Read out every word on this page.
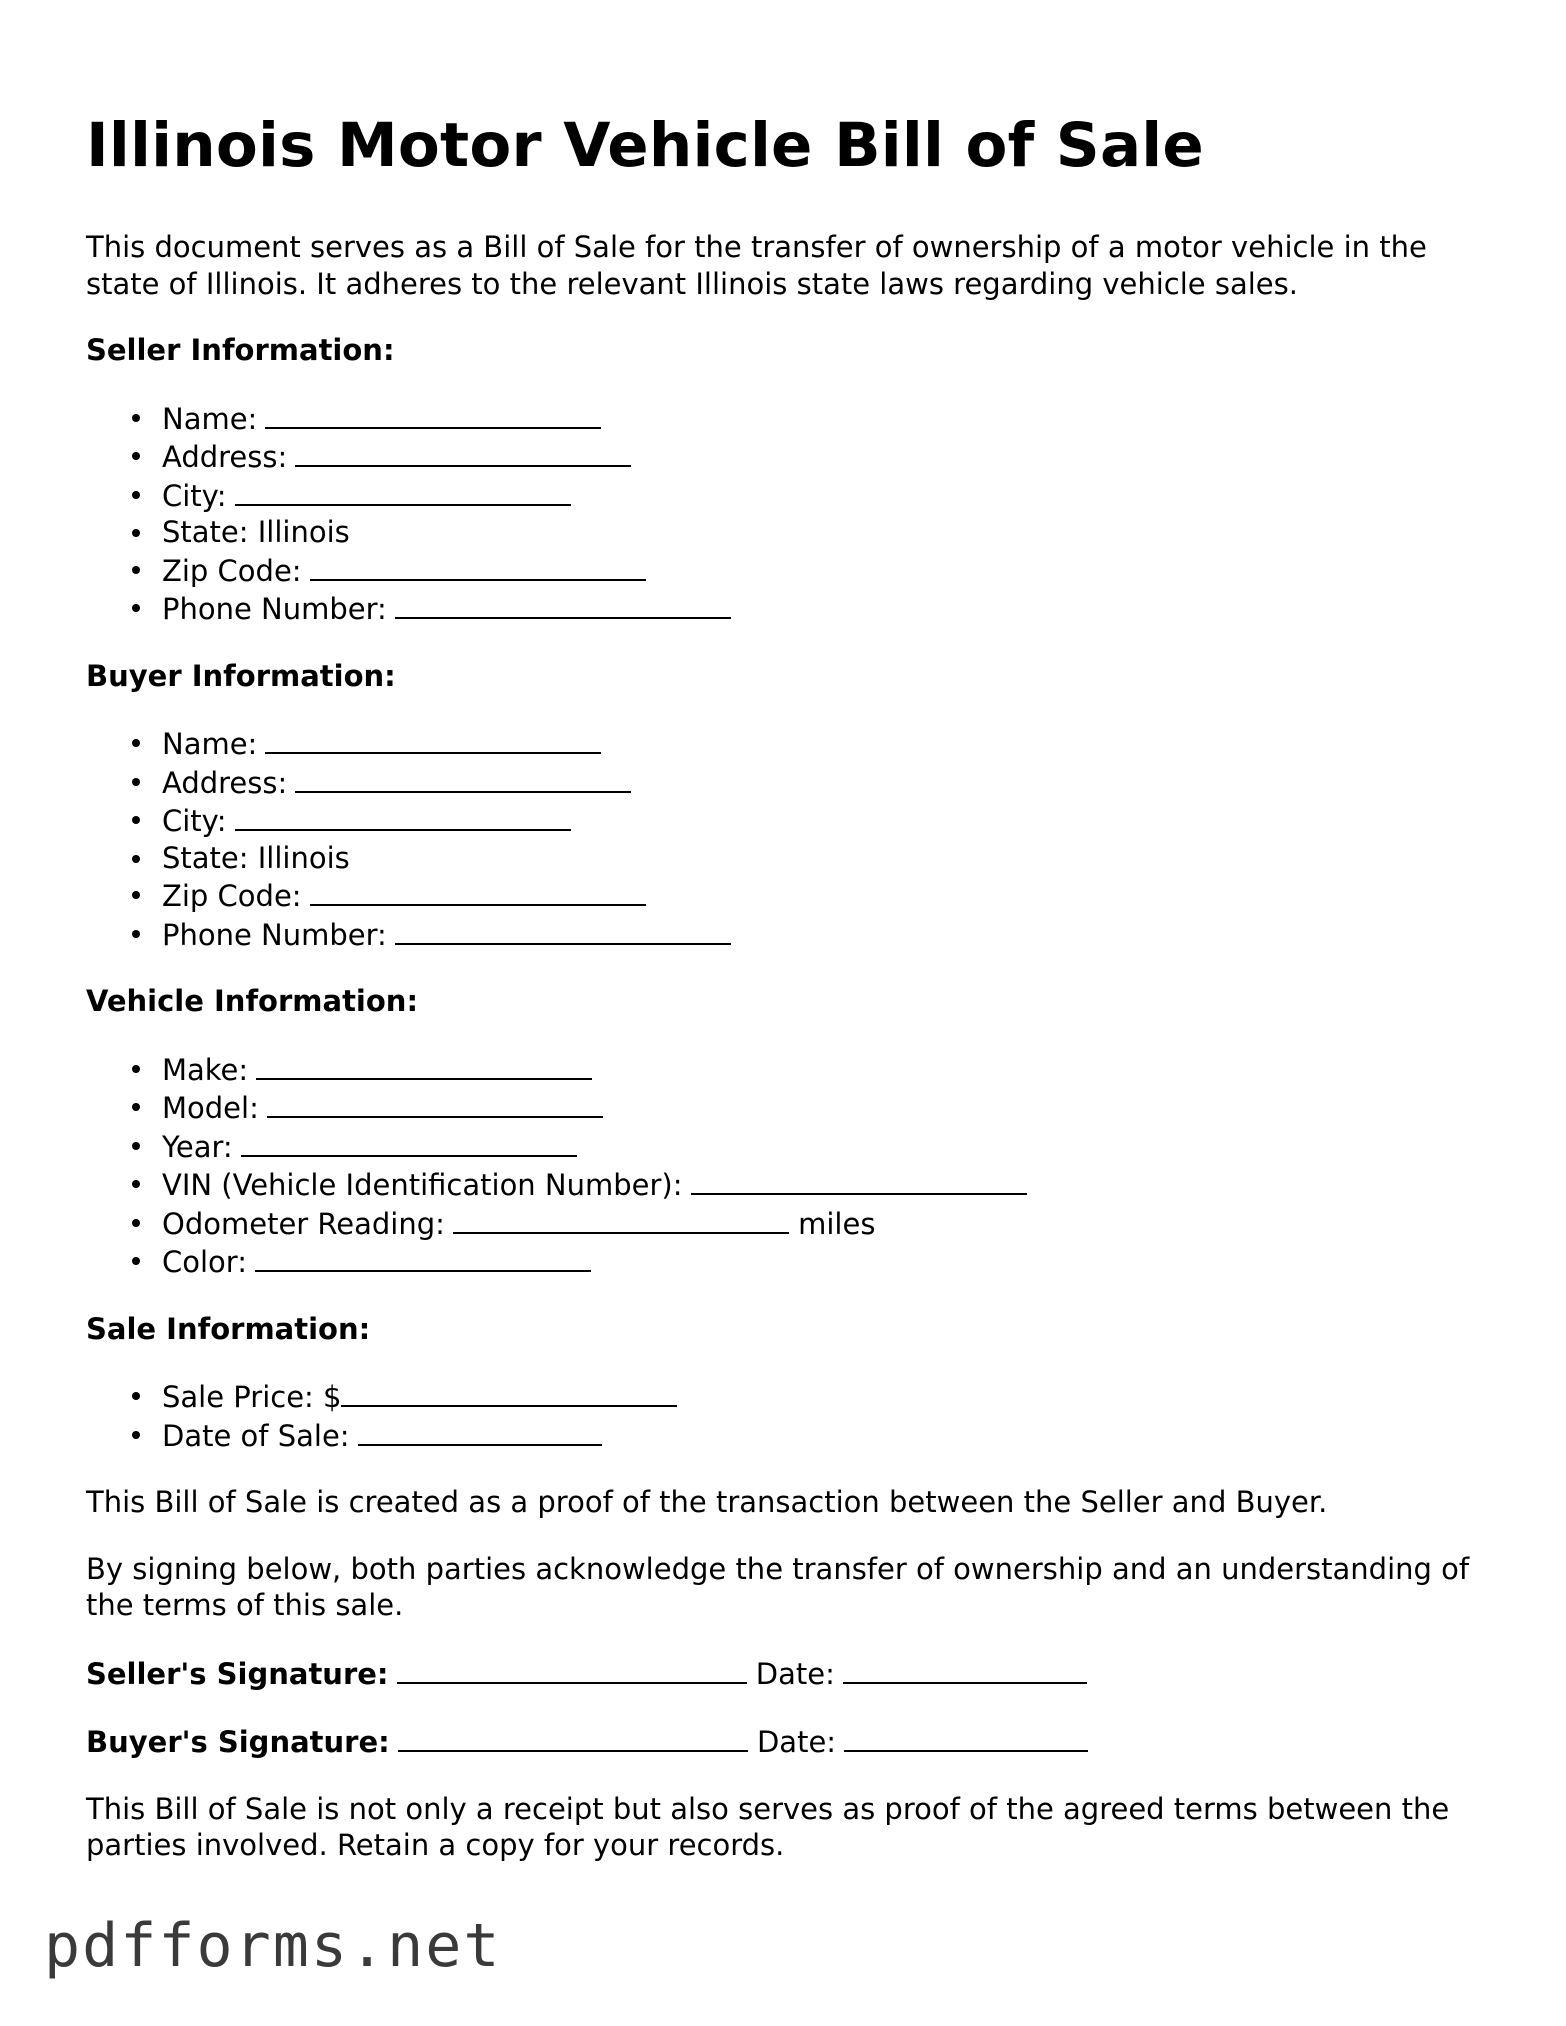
Illinois Motor Vehicle Bill of Sale

This document serves as a Bill of Sale for the transfer of ownership of a motor vehicle in the state of Illinois. It adheres to the relevant Illinois state laws regarding vehicle sales.

Seller Information:
Name:
Address:
City:
State: Illinois
Zip Code:
Phone Number:
Buyer Information:
Name:
Address:
City:
State: Illinois
Zip Code:
Phone Number:
Vehicle Information:
Make:
Model:
Year:
VIN (Vehicle Identification Number):
Odometer Reading:	miles
Color:
Sale Information:
Sale Price: $
Date of Sale:

This Bill of Sale is created as a proof of the transaction between the Seller and Buyer.

By signing below, both parties acknowledge the transfer of ownership and an understanding of the terms of this sale.

Seller's Signature:	Date:
Buyer's Signature:	Date:

This Bill of Sale is not only a receipt but also serves as proof of the agreed terms between the parties involved. Retain a copy for your records.

pdfforms.net
